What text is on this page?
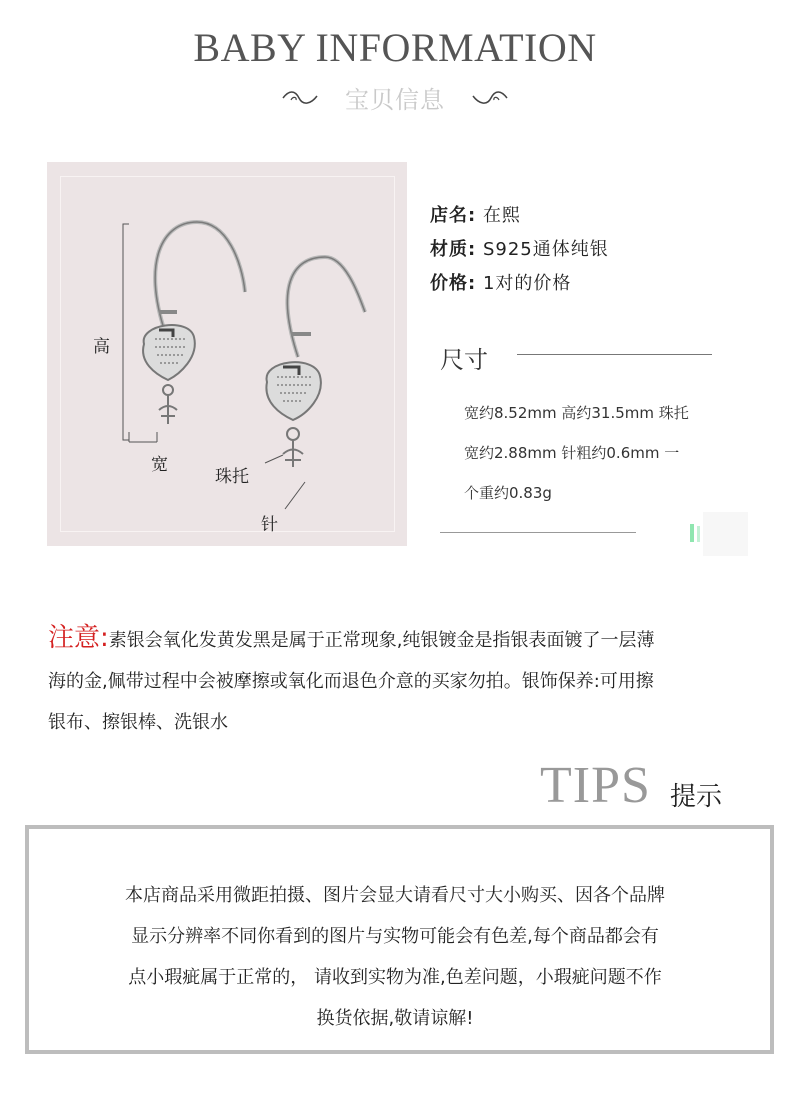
BABY INFORMATION
宝贝信息
高
宽
珠托
针
店名: 在熙
材质: S925通体纯银
价格: 1对的价格
尺寸
宽约8.52mm 高约31.5mm 珠托
宽约2.88mm 针粗约0.6mm 一
个重约0.83g
注意:素银会氧化发黄发黑是属于正常现象,纯银镀金是指银表面镀了一层薄
海的金,佩带过程中会被摩擦或氧化而退色介意的买家勿拍。银饰保养:可用擦
银布、擦银棒、洗银水
TIPS 提示
本店商品采用微距拍摄、图片会显大请看尺寸大小购买、因各个品牌
显示分辨率不同你看到的图片与实物可能会有色差,每个商品都会有
点小瑕疵属于正常的， 请收到实物为准,色差问题，小瑕疵问题不作
换货依据,敬请谅解!
